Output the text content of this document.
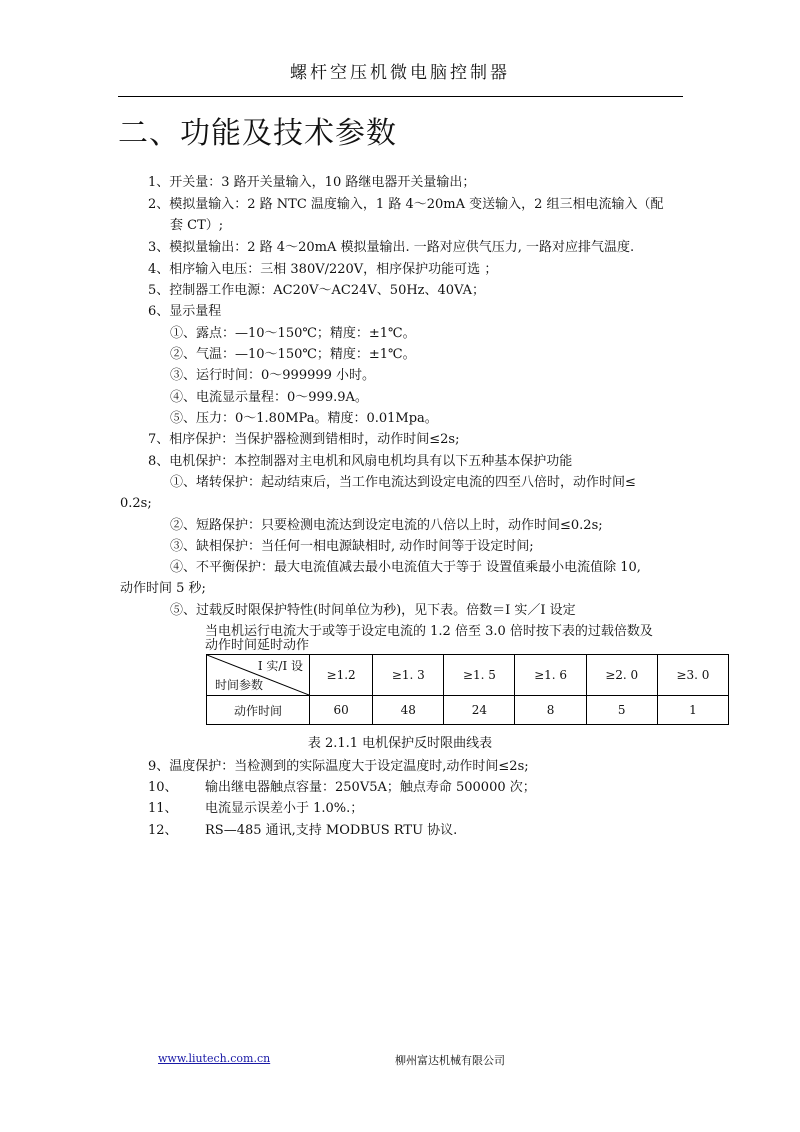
螺杆空压机微电脑控制器
二、功能及技术参数
1、开关量：3 路开关量输入，10 路继电器开关量输出；
2、模拟量输入：2 路 NTC 温度输入，1 路 4～20mA 变送输入，2 组三相电流输入（配
套 CT）;
3、模拟量输出：2 路 4～20mA 模拟量输出. 一路对应供气压力, 一路对应排气温度.
4、相序输入电压：三相 380V/220V，相序保护功能可选 ；
5、控制器工作电源：AC20V～AC24V、50Hz、40VA；
6、显示量程
①、露点：—10～150℃；精度：±1℃。
②、气温：—10～150℃；精度：±1℃。
③、运行时间：0～999999 小时。
④、电流显示量程：0～999.9A。
⑤、压力：0～1.80MPa。精度：0.01Mpa。
7、相序保护：当保护器检测到错相时，动作时间≤2s;
8、电机保护：本控制器对主电机和风扇电机均具有以下五种基本保护功能
①、堵转保护：起动结束后，当工作电流达到设定电流的四至八倍时，动作时间≤
0.2s;
②、短路保护：只要检测电流达到设定电流的八倍以上时，动作时间≤0.2s;
③、缺相保护：当任何一相电源缺相时, 动作时间等于设定时间;
④、不平衡保护：最大电流值减去最小电流值大于等于 设置值乘最小电流值除 10,
动作时间 5 秒;
⑤、过载反时限保护特性(时间单位为秒)，见下表。倍数＝I 实／I 设定
当电机运行电流大于或等于设定电流的 1.2 倍至 3.0 倍时按下表的过载倍数及
动作时间延时动作
I 实/I 设
时间参数	≥1.2	≥1. 3	≥1. 5	≥1. 6	≥2. 0	≥3. 0
动作时间	60	48	24	8	5	1
表 2.1.1 电机保护反时限曲线表
9、温度保护：当检测到的实际温度大于设定温度时,动作时间≤2s;
10、 输出继电器触点容量：250V5A；触点寿命 500000 次；
11、 电流显示误差小于 1.0%.；
12、 RS—485 通讯,支持 MODBUS RTU 协议.
www.liutech.com.cn	柳州富达机械有限公司
